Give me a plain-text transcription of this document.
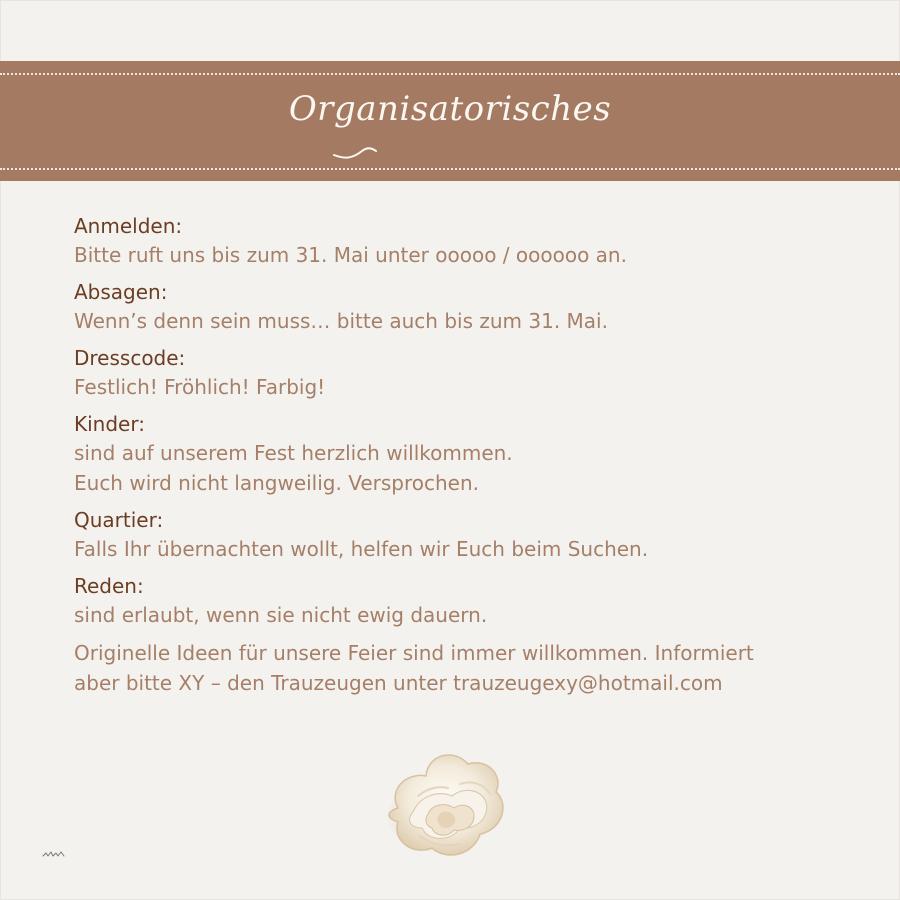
Organisatorisches
Anmelden:
Bitte ruft uns bis zum 31. Mai unter ooooo / oooooo an.
Absagen:
Wenn’s denn sein muss… bitte auch bis zum 31. Mai.
Dresscode:
Festlich! Fröhlich! Farbig!
Kinder:
sind auf unserem Fest herzlich willkommen.
Euch wird nicht langweilig. Versprochen.
Quartier:
Falls Ihr übernachten wollt, helfen wir Euch beim Suchen.
Reden:
sind erlaubt, wenn sie nicht ewig dauern.
Originelle Ideen für unsere Feier sind immer willkommen. Informiert
aber bitte XY – den Trauzeugen unter trauzeugexy@hotmail.com
